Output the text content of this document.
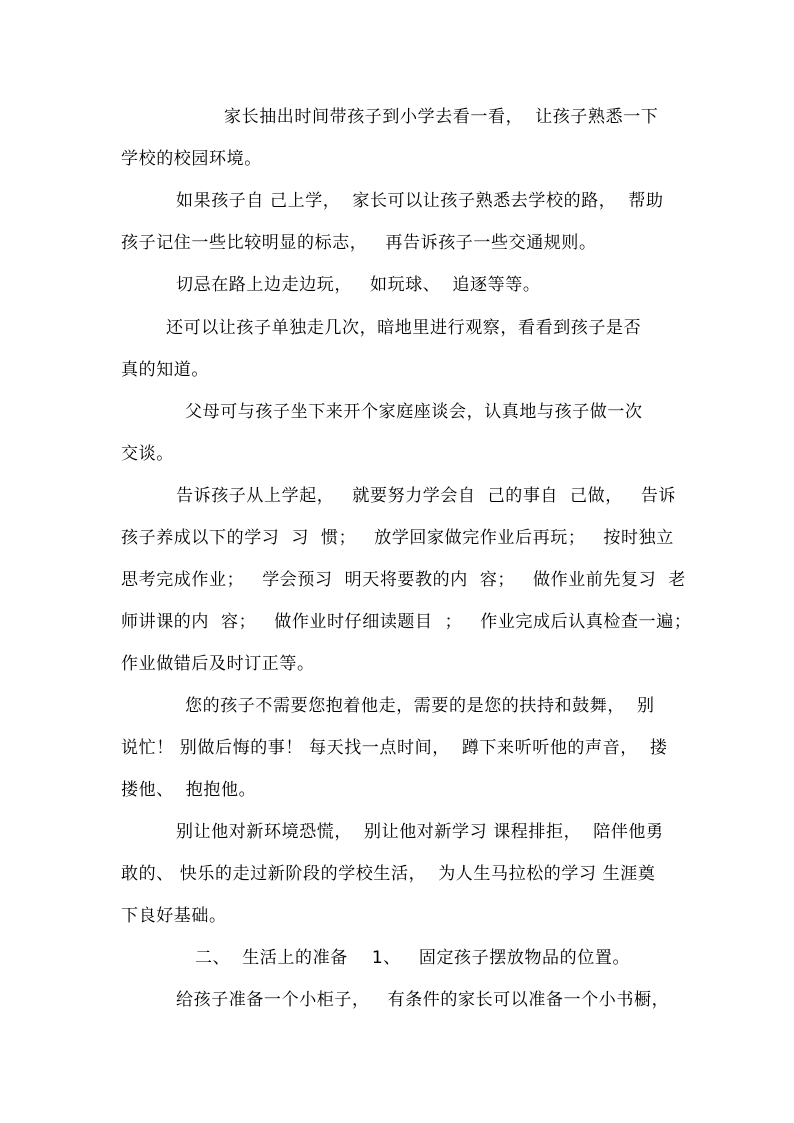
家长抽出时间带孩子到小学去看一看，  让孩子熟悉一下
学校的校园环境。
如果孩子自 己上学，  家长可以让孩子熟悉去学校的路，  帮助
孩子记住一些比较明显的标志，   再告诉孩子一些交通规则。
切忌在路上边走边玩，   如玩球、  追逐等等。
还可以让孩子单独走几次，暗地里进行观察，看看到孩子是否
真的知道。
父母可与孩子坐下来开个家庭座谈会，认真地与孩子做一次
交谈。
告诉孩子从上学起，   就要努力学会自  己的事自  己做，   告诉
孩子养成以下的学习  习  惯；   放学回家做完作业后再玩；   按时独立
思考完成作业；   学会预习  明天将要教的内  容；   做作业前先复习  老
师讲课的内  容；   做作业时仔细读题目  ；   作业完成后认真检查一遍；
作业做错后及时订正等。
您的孩子不需要您抱着他走，需要的是您的扶持和鼓舞，  别
说忙！ 别做后悔的事！ 每天找一点时间，  蹲下来听听他的声音，  搂
搂他、  抱抱他。
别让他对新环境恐慌，  别让他对新学习 课程排拒，  陪伴他勇
敢的、 快乐的走过新阶段的学校生活，  为人生马拉松的学习 生涯奠
下良好基础。
二、  生活上的准备    1、   固定孩子摆放物品的位置。
给孩子准备一个小柜子，   有条件的家长可以准备一个小书橱，
